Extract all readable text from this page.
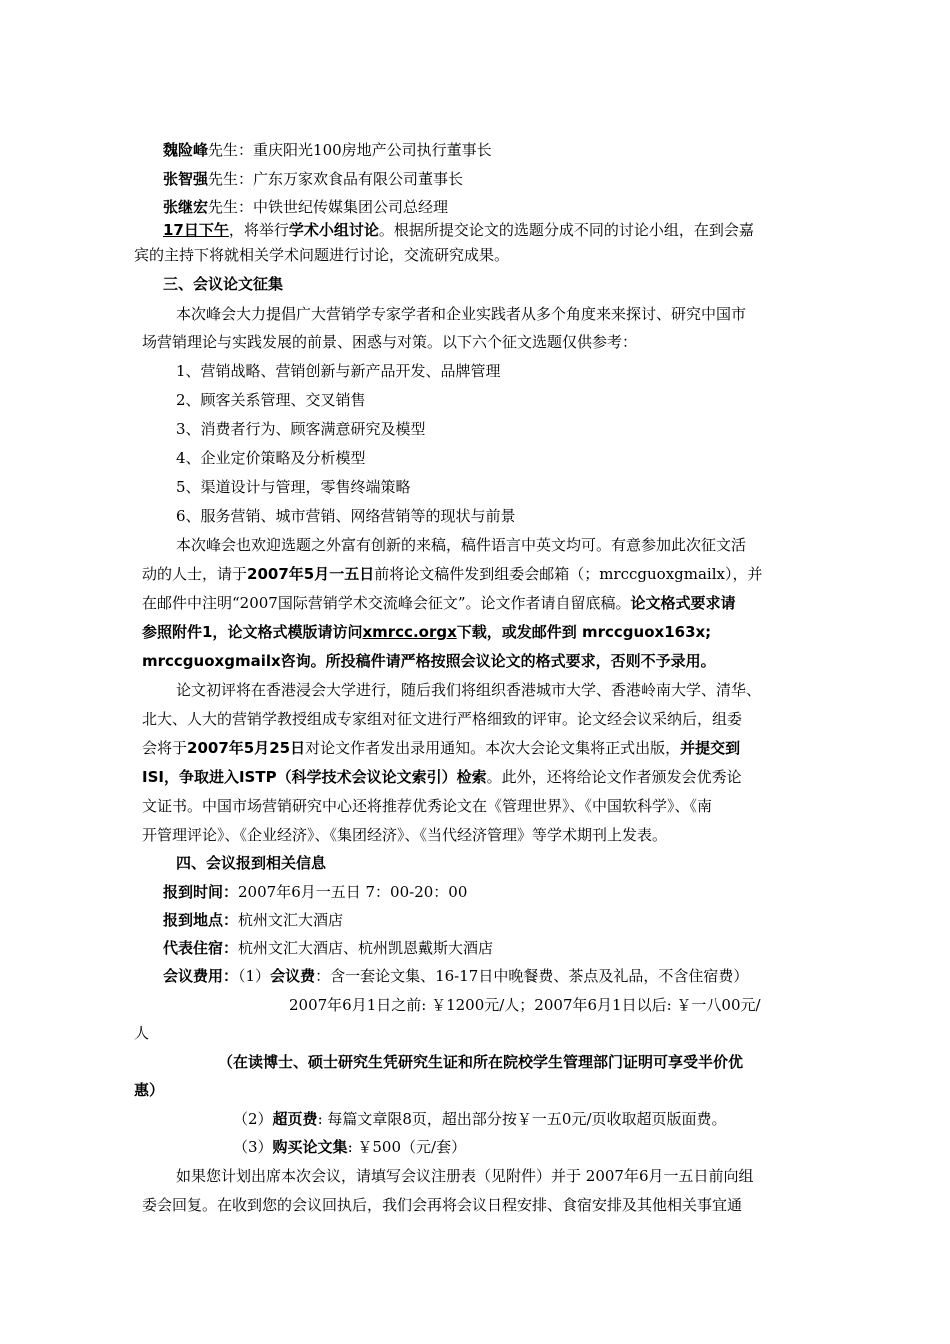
魏险峰先生：重庆阳光100房地产公司执行董事长
张智强先生：广东万家欢食品有限公司董事长
张继宏先生：中铁世纪传媒集团公司总经理
17日下午，将举行学术小组讨论。根据所提交论文的选题分成不同的讨论小组，在到会嘉
宾的主持下将就相关学术问题进行讨论，交流研究成果。
三、会议论文征集
本次峰会大力提倡广大营销学专家学者和企业实践者从多个角度来来探讨、研究中国市
场营销理论与实践发展的前景、困惑与对策。以下六个征文选题仅供参考：
1、营销战略、营销创新与新产品开发、品牌管理
2、顾客关系管理、交叉销售
3、消费者行为、顾客满意研究及模型
4、企业定价策略及分析模型
5、渠道设计与管理，零售终端策略
6、服务营销、城市营销、网络营销等的现状与前景
本次峰会也欢迎选题之外富有创新的来稿，稿件语言中英文均可。有意参加此次征文活
动的人士，请于2007年5月一五日前将论文稿件发到组委会邮箱（；mrccguoxgmailx），并
在邮件中注明“2007国际营销学术交流峰会征文”。论文作者请自留底稿。论文格式要求请
参照附件1，论文格式模版请访问xmrcc.orgx下载，或发邮件到 mrccguox163x;
mrccguoxgmailx咨询。所投稿件请严格按照会议论文的格式要求，否则不予录用。
论文初评将在香港浸会大学进行，随后我们将组织香港城市大学、香港岭南大学、清华、
北大、人大的营销学教授组成专家组对征文进行严格细致的评审。论文经会议采纳后，组委
会将于2007年5月25日对论文作者发出录用通知。本次大会论文集将正式出版，并提交到
ISI，争取进入ISTP（科学技术会议论文索引）检索。此外，还将给论文作者颁发会优秀论
文证书。中国市场营销研究中心还将推荐优秀论文在《管理世界》、《中国软科学》、《南
开管理评论》、《企业经济》、《集团经济》、《当代经济管理》等学术期刊上发表。
四、会议报到相关信息
报到时间：2007年6月一五日 7：00-20：00
报到地点：杭州文汇大酒店
代表住宿：杭州文汇大酒店、杭州凯恩戴斯大酒店
会议费用：（1）会议费：含一套论文集、16-17日中晚餐费、茶点及礼品，不含住宿费）
2007年6月1日之前: ￥1200元/人；2007年6月1日以后: ￥一八00元/
人
（在读博士、硕士研究生凭研究生证和所在院校学生管理部门证明可享受半价优
惠）
（2）超页费: 每篇文章限8页，超出部分按￥一五0元/页收取超页版面费。
（3）购买论文集: ￥500（元/套）
如果您计划出席本次会议，请填写会议注册表（见附件）并于 2007年6月一五日前向组
委会回复。在收到您的会议回执后，我们会再将会议日程安排、食宿安排及其他相关事宜通
